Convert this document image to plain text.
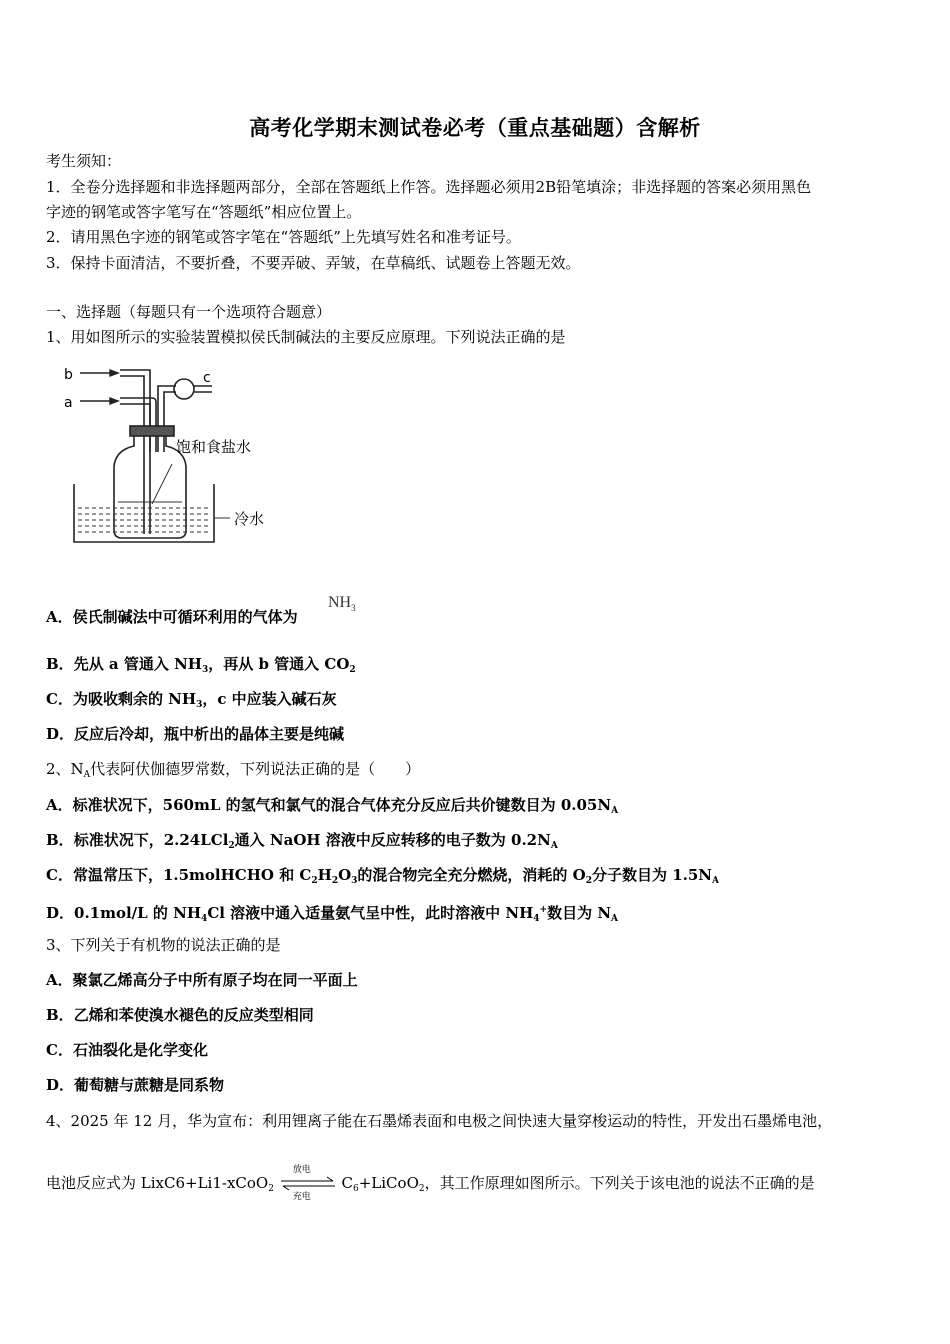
高考化学期末测试卷必考（重点基础题）含解析
考生须知：
1．全卷分选择题和非选择题两部分，全部在答题纸上作答。选择题必须用2B铅笔填涂；非选择题的答案必须用黑色
字迹的钢笔或答字笔写在“答题纸”相应位置上。
2．请用黑色字迹的钢笔或答字笔在“答题纸”上先填写姓名和准考证号。
3．保持卡面清洁，不要折叠，不要弄破、弄皱，在草稿纸、试题卷上答题无效。
一、选择题（每题只有一个选项符合题意）
1、用如图所示的实验装置模拟侯氏制碱法的主要反应原理。下列说法正确的是
b
a
c
饱和食盐水
冷水
A．侯氏制碱法中可循环利用的气体为
$NH_3$
B．先从 a 管通入 $NH_3$，再从 b 管通入 $CO_2$
C．为吸收剩余的 $NH_3$，c 中应装入碱石灰
D．反应后冷却，瓶中析出的晶体主要是纯碱
2、$N_A$代表阿伏伽德罗常数，下列说法正确的是（　　）
A．标准状况下，560mL 的氢气和氯气的混合气体充分反应后共价键数目为 $0.05N_A$
B．标准状况下，2.24LCl$_2$通入 NaOH 溶液中反应转移的电子数为 $0.2N_A$
C．常温常压下，1.5molHCHO 和 $C_2H_2O_3$的混合物完全充分燃烧，消耗的 $O_2$分子数目为 $1.5N_A$
D．0.1mol/L 的 $NH_4Cl$ 溶液中通入适量氨气呈中性，此时溶液中 $NH_4^+$数目为 $N_A$
3、下列关于有机物的说法正确的是
A．聚氯乙烯高分子中所有原子均在同一平面上
B．乙烯和苯使溴水褪色的反应类型相同
C．石油裂化是化学变化
D．葡萄糖与蔗糖是同系物
4、2025 年 12 月，华为宣布：利用锂离子能在石墨烯表面和电极之间快速大量穿梭运动的特性，开发出石墨烯电池，
电池反应式为 LixC6+Li1-xCoO$_2$
放电
充电
$C_6+LiCoO_2$，其工作原理如图所示。下列关于该电池的说法不正确的是
